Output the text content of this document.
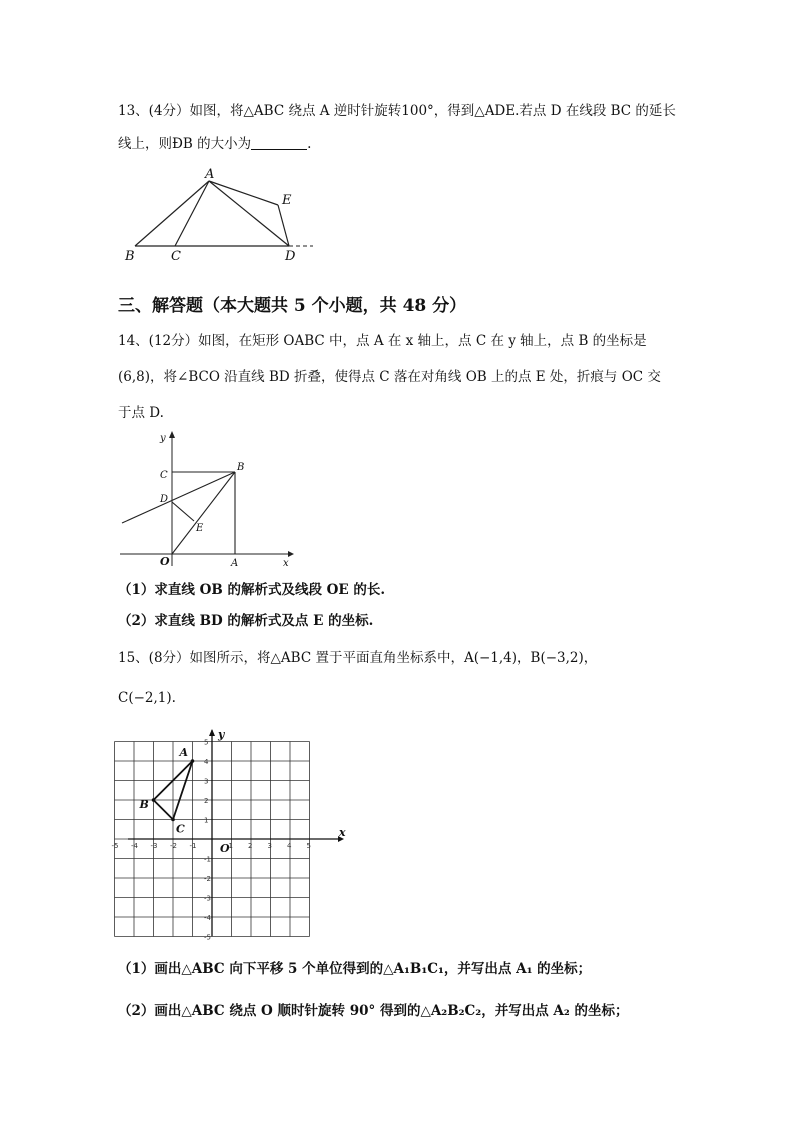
13、(4分）如图，将△ABC 绕点 A 逆时针旋转100°，得到△ADE.若点 D 在线段 BC 的延长
线上，则ÐB 的大小为	.
A
B	C	D
E
三、解答题（本大题共 5 个小题，共 48 分）
14、(12分）如图，在矩形 OABC 中，点 A 在 x 轴上，点 C 在 y 轴上，点 B 的坐标是
(6,8)，将∠BCO 沿直线 BD 折叠，使得点 C 落在对角线 OB 上的点 E 处，折痕与 OC 交
于点 D.
y
x
O	A
B
C
D
E
（1）求直线 OB 的解析式及线段 OE 的长.
（2）求直线 BD 的解析式及点 E 的坐标.
15、(8分）如图所示，将△ABC 置于平面直角坐标系中，A(−1,4)，B(−3,2)，
C(−2,1).
-5 -4 -3 -2 -1	1 2 3 4 5
5
4
3
2
1
-1
-2
-3
-4
-5
x
y
O
A
B
C
（1）画出△ABC 向下平移 5 个单位得到的△A₁B₁C₁，并写出点 A₁ 的坐标；
（2）画出△ABC 绕点 O 顺时针旋转 90° 得到的△A₂B₂C₂，并写出点 A₂ 的坐标；
